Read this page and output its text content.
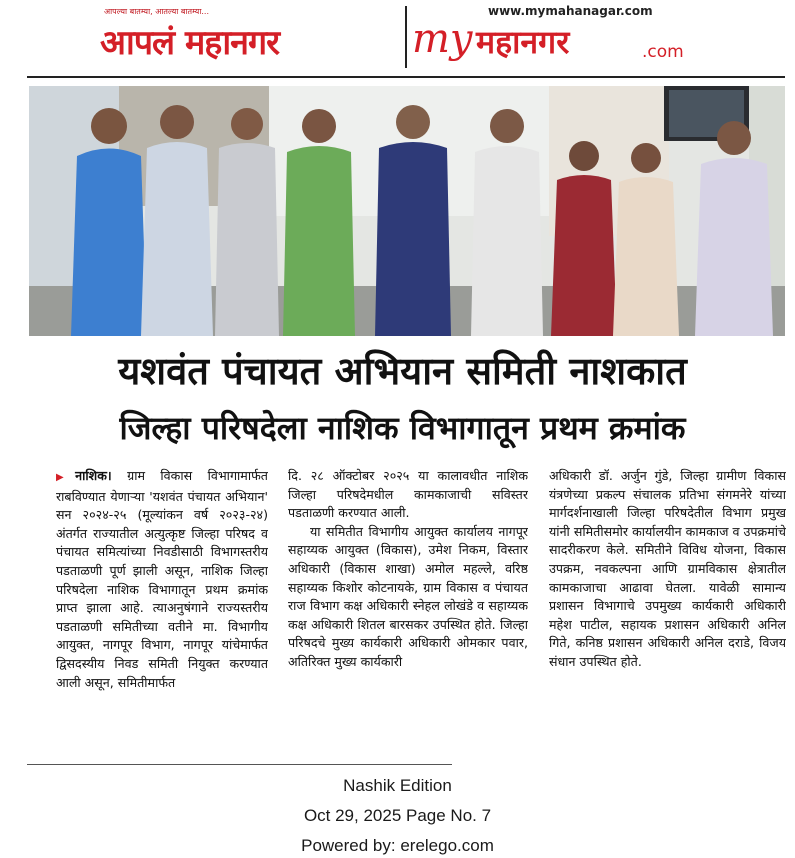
आपल्या बातम्या, आतल्या बातम्या...
आपलं महानगर
www.mymahanagar.com
my महानगर	.com
यशवंत पंचायत अभियान समिती नाशकात
जिल्हा परिषदेला नाशिक विभागातून प्रथम क्रमांक

▶नाशिक। ग्राम विकास विभागामार्फत राबविण्यात येणाऱ्या 'यशवंत पंचायत अभियान' सन २०२४-२५ (मूल्यांकन वर्ष २०२३-२४) अंतर्गत राज्यातील अत्युत्कृष्ट जिल्हा परिषद व पंचायत समित्यांच्या निवडीसाठी विभागस्तरीय पडताळणी पूर्ण झाली असून, नाशिक जिल्हा परिषदेला नाशिक विभागातून प्रथम क्रमांक प्राप्त झाला आहे. त्याअनुषंगाने राज्यस्तरीय पडताळणी समितीच्या वतीने मा. विभागीय आयुक्त, नागपूर विभाग, नागपूर यांचेमार्फत द्विसदस्यीय निवड समिती नियुक्त करण्यात आली असून, समितीमार्फत

दि. २८ ऑक्टोबर २०२५ या कालावधीत नाशिक जिल्हा परिषदेमधील कामकाजाची सविस्तर पडताळणी करण्यात आली.

या समितीत विभागीय आयुक्त कार्यालय नागपूर सहाय्यक आयुक्त (विकास), उमेश निकम, विस्तार अधिकारी (विकास शाखा) अमोल महल्ले, वरिष्ठ सहाय्यक किशोर कोटनायके, ग्राम विकास व पंचायत राज विभाग कक्ष अधिकारी स्नेहल लोखंडे व सहाय्यक कक्ष अधिकारी शितल बारसकर उपस्थित होते. जिल्हा परिषदचे मुख्य कार्यकारी अधिकारी ओमकार पवार, अतिरिक्त मुख्य कार्यकारी

अधिकारी डॉ. अर्जुन गुंडे, जिल्हा ग्रामीण विकास यंत्रणेच्या प्रकल्प संचालक प्रतिभा संगमनेरे यांच्या मार्गदर्शनाखाली जिल्हा परिषदेतील विभाग प्रमुख यांनी समितीसमोर कार्यालयीन कामकाज व उपक्रमांचे सादरीकरण केले. समितीने विविध योजना, विकास उपक्रम, नवकल्पना आणि ग्रामविकास क्षेत्रातील कामकाजाचा आढावा घेतला. यावेळी सामान्य प्रशासन विभागाचे उपमुख्य कार्यकारी अधिकारी महेश पाटील, सहायक प्रशासन अधिकारी अनिल गिते, कनिष्ठ प्रशासन अधिकारी अनिल दराडे, विजय संधान उपस्थित होते.

Nashik Edition
Oct 29, 2025 Page No. 7
Powered by: erelego.com
